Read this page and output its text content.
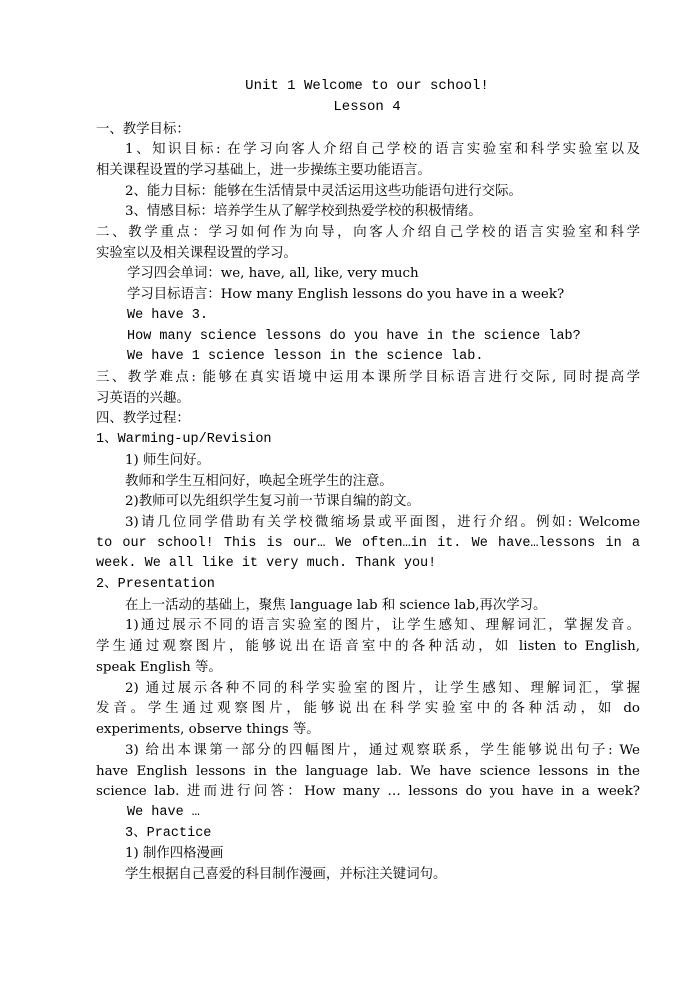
Unit 1 Welcome to our school!
Lesson 4
一、教学目标：
1、知识目标: 在学习向客人介绍自己学校的语言实验室和科学实验室以及
相关课程设置的学习基础上，进一步操练主要功能语言。
2、能力目标：能够在生活情景中灵活运用这些功能语句进行交际。
3、情感目标：培养学生从了解学校到热爱学校的积极情绪。
二、教学重点：学习如何作为向导，向客人介绍自己学校的语言实验室和科学
实验室以及相关课程设置的学习。
学习四会单词：we, have, all, like, very much
学习目标语言：How many English lessons do you have in a week?
We have 3.
How many science lessons do you have in the science lab?
We have 1 science lesson in the science lab.
三、教学难点: 能够在真实语境中运用本课所学目标语言进行交际, 同时提高学
习英语的兴趣。
四、教学过程：
1、Warming-up/Revision
1) 师生问好。
教师和学生互相问好，唤起全班学生的注意。
2)教师可以先组织学生复习前一节课自编的韵文。
3)请几位同学借助有关学校微缩场景或平面图，进行介绍。例如: Welcome
to our school! This is our… We often…in it. We have…lessons in a
week. We all like it very much. Thank you!
2、Presentation
在上一活动的基础上，聚焦 language lab 和 science lab,再次学习。
1)通过展示不同的语言实验室的图片，让学生感知、理解词汇，掌握发音。
学生通过观察图片，能够说出在语音室中的各种活动，如 listen to English,
speak English 等。
2) 通过展示各种不同的科学实验室的图片，让学生感知、理解词汇，掌握
发音。学生通过观察图片，能够说出在科学实验室中的各种活动，如 do
experiments, observe things 等。
3) 给出本课第一部分的四幅图片，通过观察联系，学生能够说出句子: We
have English lessons in the language lab. We have science lessons in the
science lab. 进而进行问答：How many … lessons do you have in a week?
We have …
3、Practice
1) 制作四格漫画
学生根据自己喜爱的科目制作漫画，并标注关键词句。
